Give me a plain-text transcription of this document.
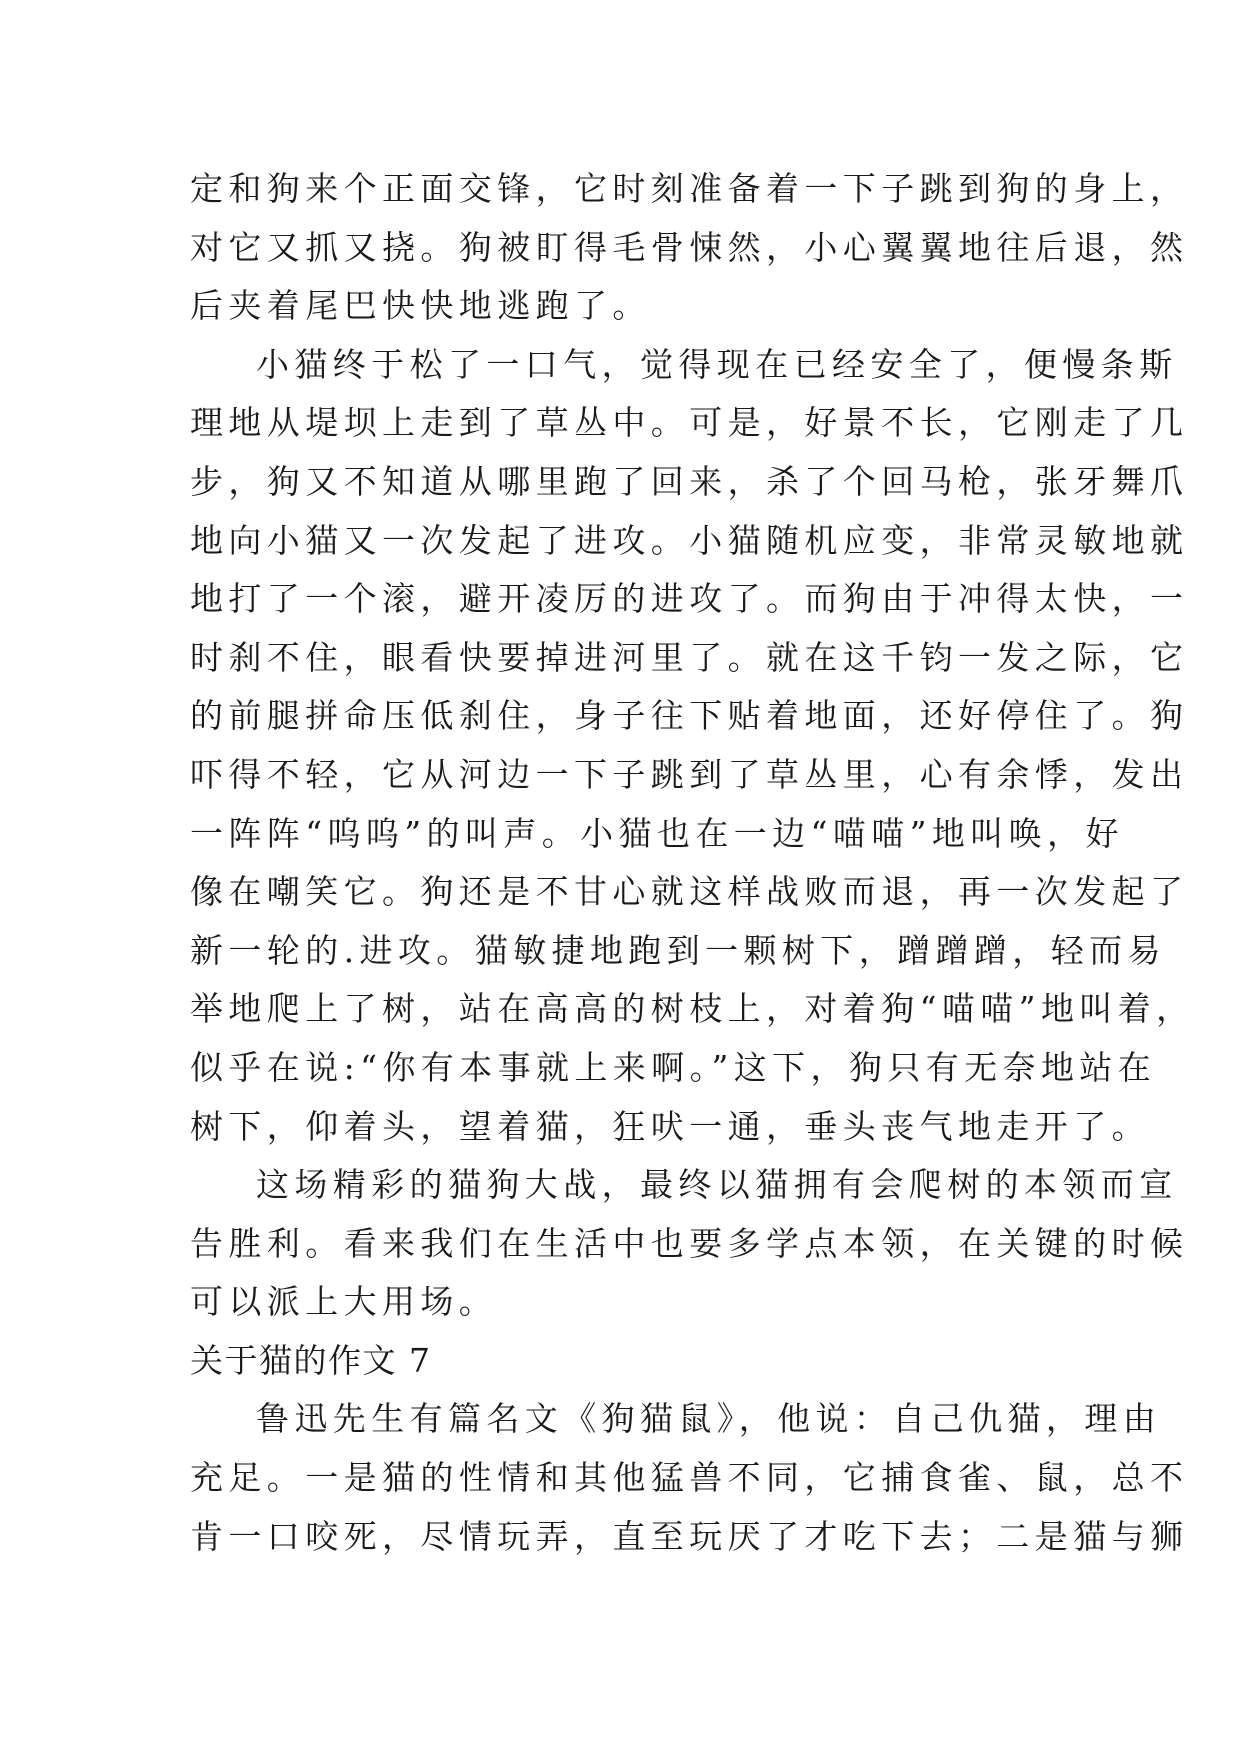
定和狗来个正面交锋，它时刻准备着一下子跳到狗的身上，
对它又抓又挠。狗被盯得毛骨悚然，小心翼翼地往后退，然
后夹着尾巴快快地逃跑了。
小猫终于松了一口气，觉得现在已经安全了，便慢条斯
理地从堤坝上走到了草丛中。可是，好景不长，它刚走了几
步，狗又不知道从哪里跑了回来，杀了个回马枪，张牙舞爪
地向小猫又一次发起了进攻。小猫随机应变，非常灵敏地就
地打了一个滚，避开凌厉的进攻了。而狗由于冲得太快，一
时刹不住，眼看快要掉进河里了。就在这千钧一发之际，它
的前腿拼命压低刹住，身子往下贴着地面，还好停住了。狗
吓得不轻，它从河边一下子跳到了草丛里，心有余悸，发出
一阵阵“呜呜”的叫声。小猫也在一边“喵喵”地叫唤，好
像在嘲笑它。狗还是不甘心就这样战败而退，再一次发起了
新一轮的.进攻。猫敏捷地跑到一颗树下，蹭蹭蹭，轻而易
举地爬上了树，站在高高的树枝上，对着狗“喵喵”地叫着，
似乎在说:“你有本事就上来啊。”这下，狗只有无奈地站在
树下，仰着头，望着猫，狂吠一通，垂头丧气地走开了。
这场精彩的猫狗大战，最终以猫拥有会爬树的本领而宣
告胜利。看来我们在生活中也要多学点本领，在关键的时候
可以派上大用场。
关于猫的作文 7
鲁迅先生有篇名文《狗猫鼠》，他说：自己仇猫，理由
充足。一是猫的性情和其他猛兽不同，它捕食雀、鼠，总不
肯一口咬死，尽情玩弄，直至玩厌了才吃下去；二是猫与狮
